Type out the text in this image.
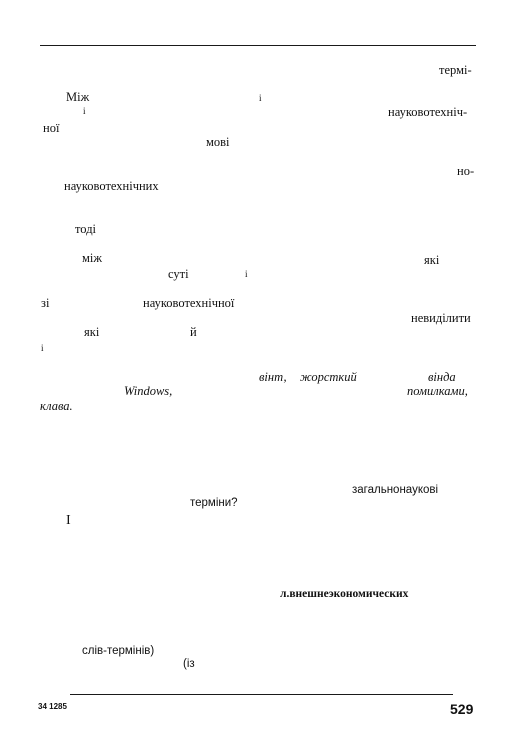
термі-
Між	і
і	науковотехніч-
ної
мові
но-
науковотехнічних
тоді
між	які
суті	і
зі	науковотехнічної
невиділити
які	й
і
вінт, жорсткий	вінда
Windows,	помилками,
клава.
загальнонаукові
терміни?
І
л.внешнеэкономических
слів-термінів)
(із
34 1285	529
